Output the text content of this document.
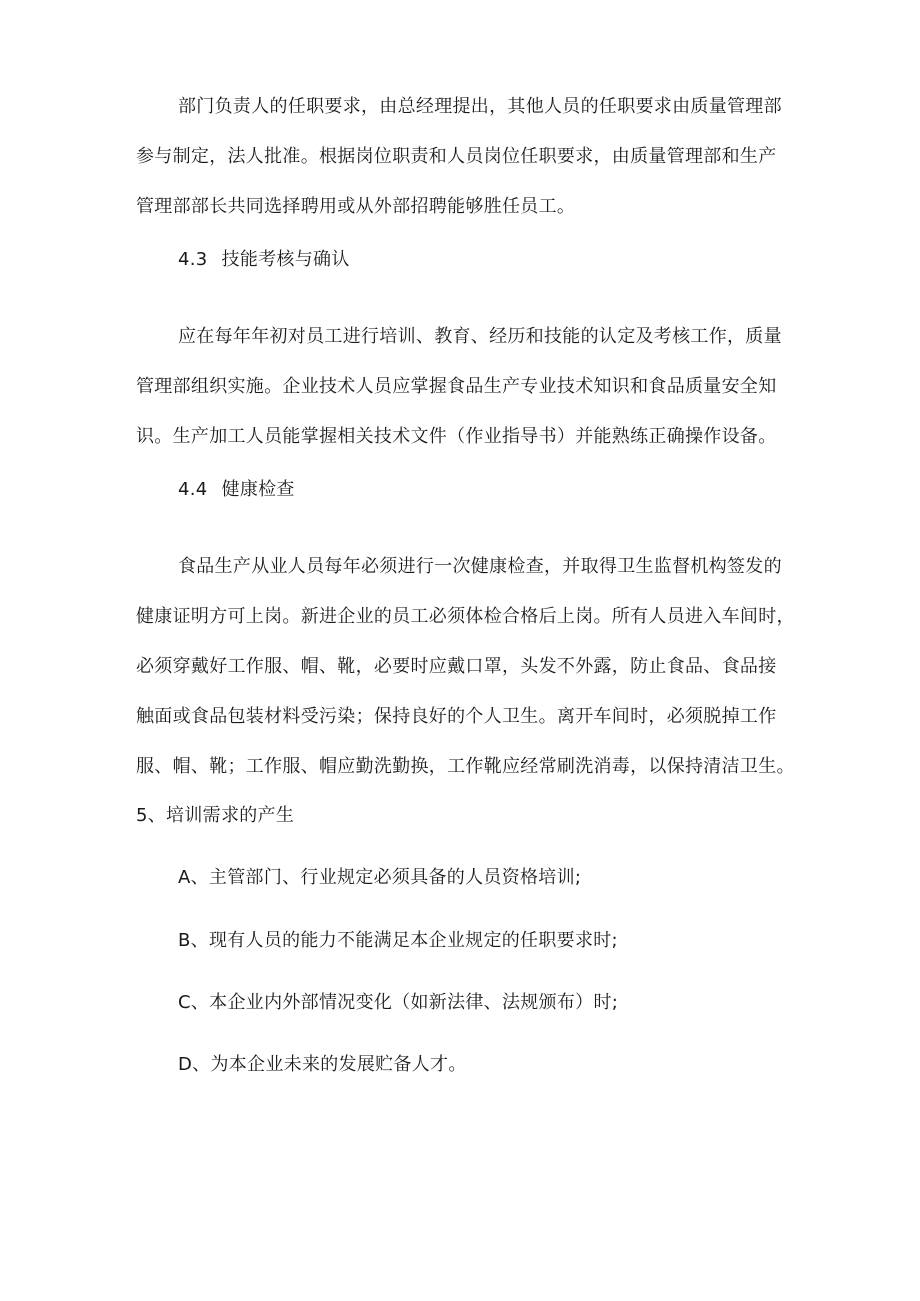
部门负责人的任职要求，由总经理提出，其他人员的任职要求由质量管理部
参与制定，法人批准。根据岗位职责和人员岗位任职要求，由质量管理部和生产
管理部部长共同选择聘用或从外部招聘能够胜任员工。
4.3 技能考核与确认
应在每年年初对员工进行培训、教育、经历和技能的认定及考核工作，质量
管理部组织实施。企业技术人员应掌握食品生产专业技术知识和食品质量安全知
识。生产加工人员能掌握相关技术文件（作业指导书）并能熟练正确操作设备。
4.4 健康检查
食品生产从业人员每年必须进行一次健康检查，并取得卫生监督机构签发的
健康证明方可上岗。新进企业的员工必须体检合格后上岗。所有人员进入车间时，
必须穿戴好工作服、帽、靴，必要时应戴口罩，头发不外露，防止食品、食品接
触面或食品包装材料受污染；保持良好的个人卫生。离开车间时，必须脱掉工作
服、帽、靴；工作服、帽应勤洗勤换，工作靴应经常刷洗消毒，以保持清洁卫生。
5、培训需求的产生
A、主管部门、行业规定必须具备的人员资格培训;
B、现有人员的能力不能满足本企业规定的任职要求时;
C、本企业内外部情况变化（如新法律、法规颁布）时;
D、为本企业未来的发展贮备人才。
